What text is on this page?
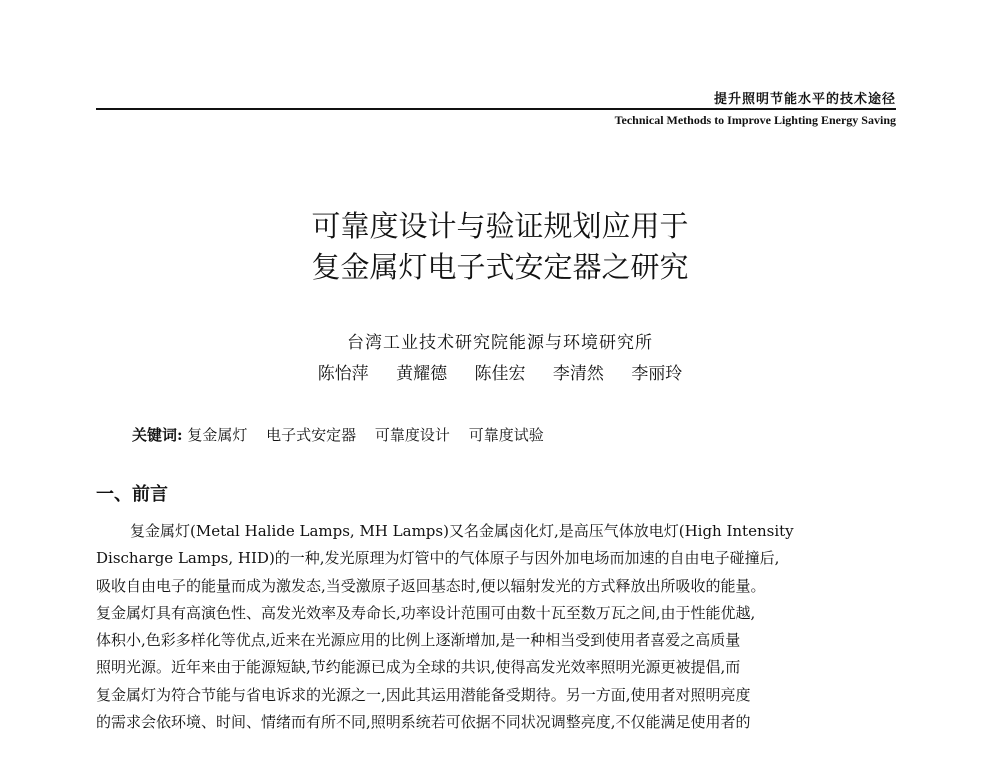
提升照明节能水平的技术途径
Technical Methods to Improve Lighting Energy Saving
可靠度设计与验证规划应用于
复金属灯电子式安定器之研究
台湾工业技术研究院能源与环境研究所
陈怡萍 黄耀德 陈佳宏 李清然 李丽玲
关键词: 复金属灯 电子式安定器 可靠度设计 可靠度试验
一、前言
复金属灯(Metal Halide Lamps, MH Lamps)又名金属卤化灯,是高压气体放电灯(High Intensity
Discharge Lamps, HID)的一种,发光原理为灯管中的气体原子与因外加电场而加速的自由电子碰撞后,
吸收自由电子的能量而成为激发态,当受激原子返回基态时,便以辐射发光的方式释放出所吸收的能量。
复金属灯具有高演色性、高发光效率及寿命长,功率设计范围可由数十瓦至数万瓦之间,由于性能优越,
体积小,色彩多样化等优点,近来在光源应用的比例上逐渐增加,是一种相当受到使用者喜爱之高质量
照明光源。近年来由于能源短缺,节约能源已成为全球的共识,使得高发光效率照明光源更被提倡,而
复金属灯为符合节能与省电诉求的光源之一,因此其运用潜能备受期待。另一方面,使用者对照明亮度
的需求会依环境、时间、情绪而有所不同,照明系统若可依据不同状况调整亮度,不仅能满足使用者的
